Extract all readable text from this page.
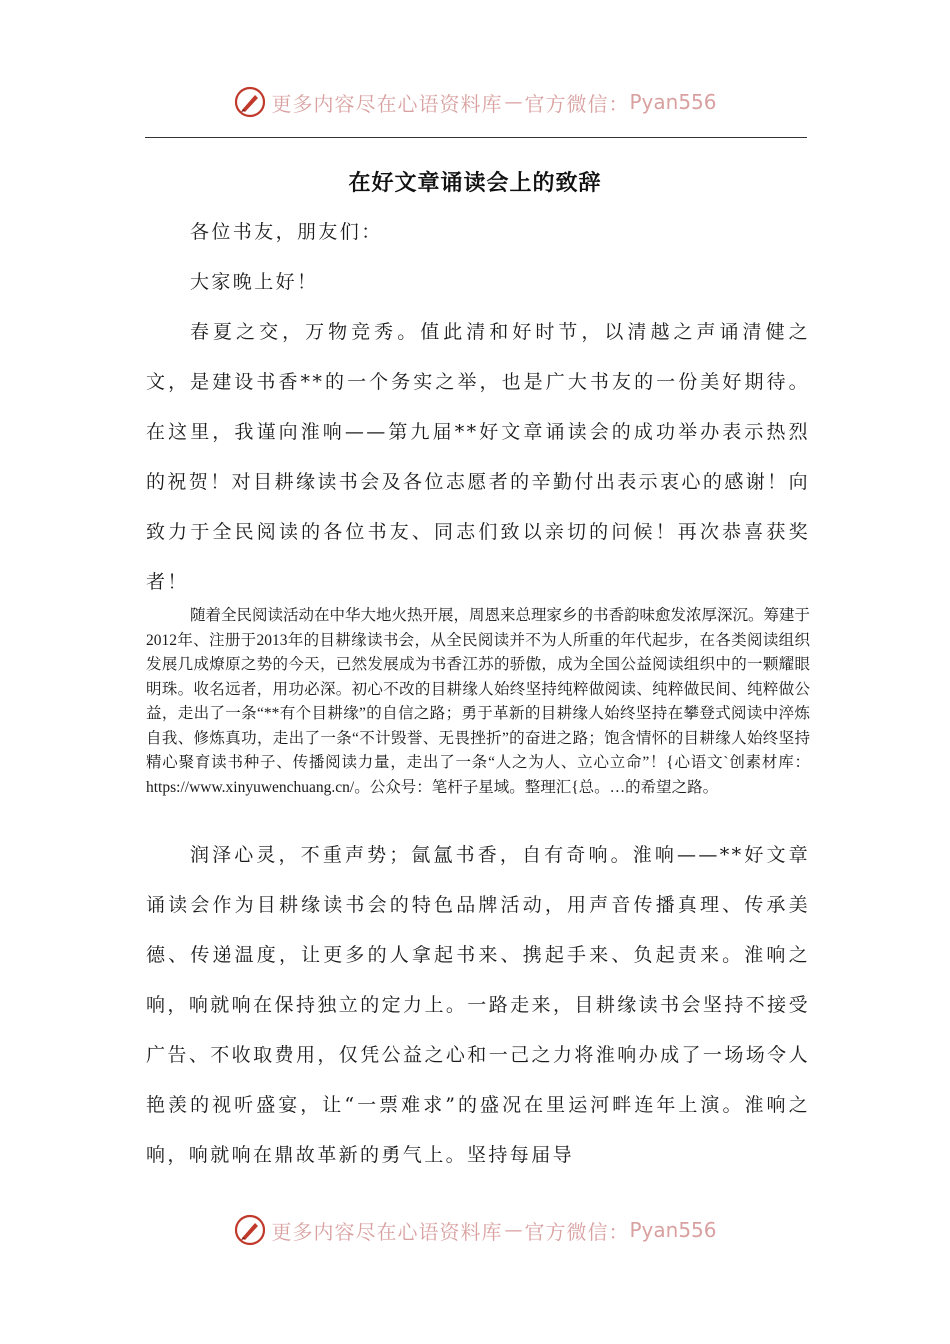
更多内容尽在心语资料库 — 官方微信： Pyan556
在好文章诵读会上的致辞

各位书友，朋友们：

大家晚上好！

春夏之交，万物竞秀。值此清和好时节，以清越之声诵清健之文，是建设书香**的一个务实之举，也是广大书友的一份美好期待。在这里，我谨向淮响——第九届**好文章诵读会的成功举办表示热烈的祝贺！对目耕缘读书会及各位志愿者的辛勤付出表示衷心的感谢！向致力于全民阅读的各位书友、同志们致以亲切的问候！再次恭喜获奖者！

随着全民阅读活动在中华大地火热开展，周恩来总理家乡的书香韵味愈发浓厚深沉。筹建于2012年、注册于2013年的目耕缘读书会，从全民阅读并不为人所重的年代起步，在各类阅读组织发展几成燎原之势的今天，已然发展成为书香江苏的骄傲，成为全国公益阅读组织中的一颗耀眼明珠。收名远者，用功必深。初心不改的目耕缘人始终坚持纯粹做阅读、纯粹做民间、纯粹做公益，走出了一条“**有个目耕缘”的自信之路；勇于革新的目耕缘人始终坚持在攀登式阅读中淬炼自我、修炼真功，走出了一条“不计毁誉、无畏挫折”的奋进之路；饱含情怀的目耕缘人始终坚持精心聚育读书种子、传播阅读力量，走出了一条“人之为人、立心立命”！{心语文`创素材库：https://www.xinyuwenchuang.cn/。公众号：笔杆子星域。整理汇{总。…的希望之路。

润泽心灵，不重声势；氤氲书香，自有奇响。淮响——**好文章诵读会作为目耕缘读书会的特色品牌活动，用声音传播真理、传承美德、传递温度，让更多的人拿起书来、携起手来、负起责来。淮响之响，响就响在保持独立的定力上。一路走来，目耕缘读书会坚持不接受广告、不收取费用，仅凭公益之心和一己之力将淮响办成了一场场令人艳羡的视听盛宴，让“一票难求”的盛况在里运河畔连年上演。淮响之响，响就响在鼎故革新的勇气上。坚持每届导

更多内容尽在心语资料库 — 官方微信： Pyan556
